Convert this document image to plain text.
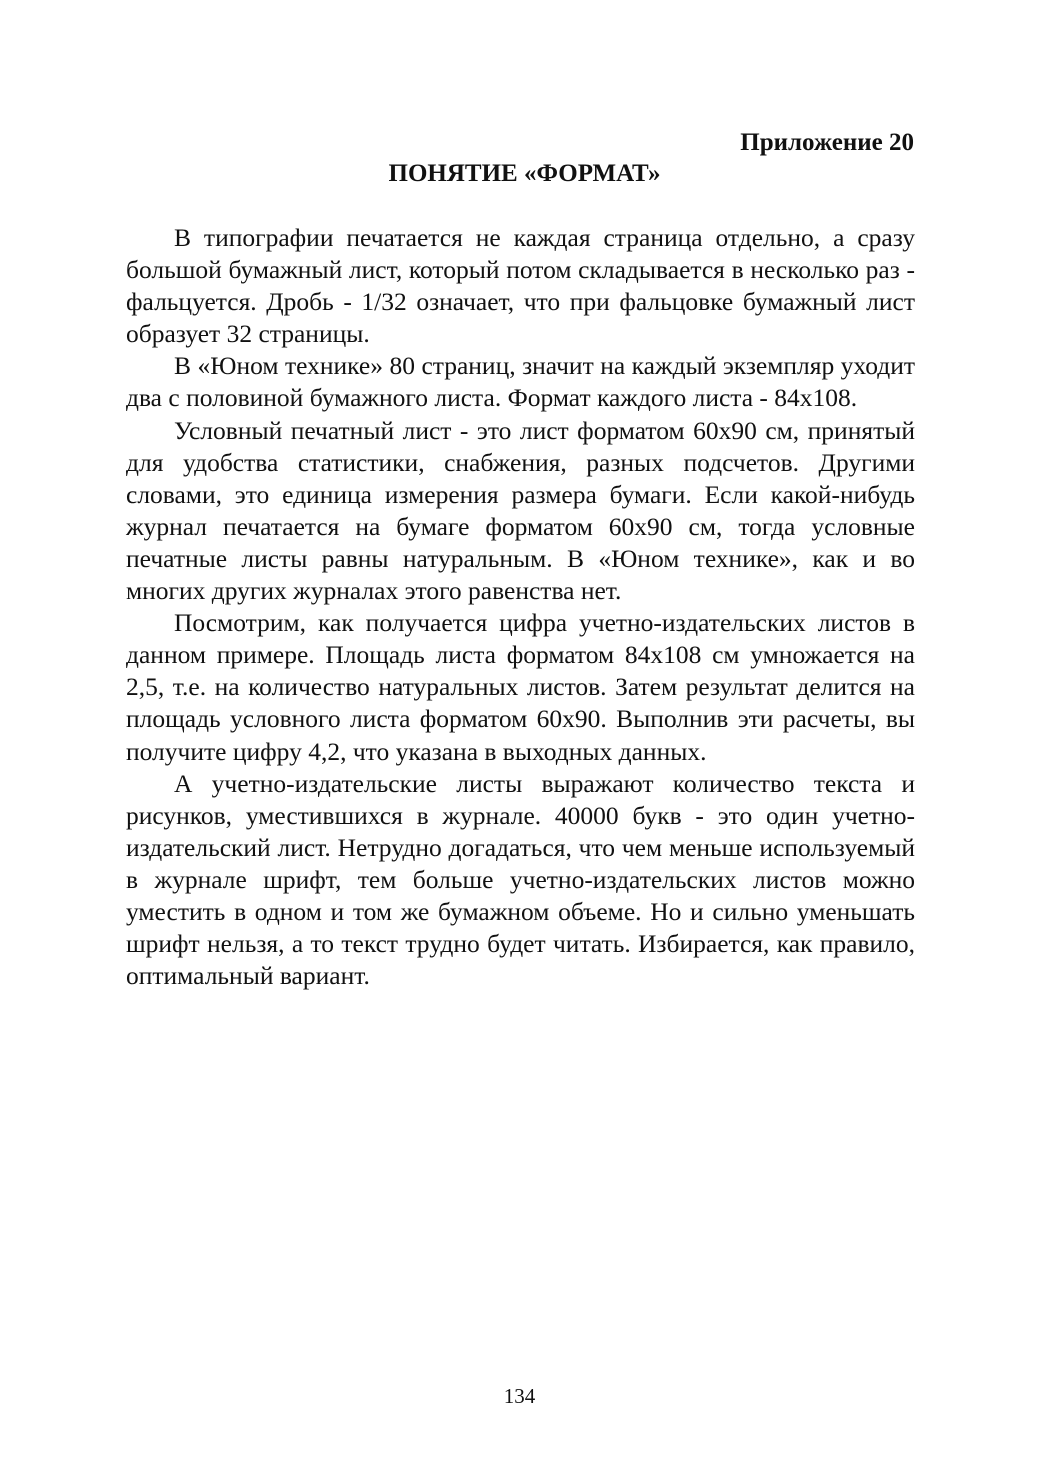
Приложение 20

ПОНЯТИЕ «ФОРМАТ»

В типографии печатается не каждая страница отдельно, а сразу большой бумажный лист, который потом складывается в несколько раз - фальцуется. Дробь - 1/32 означает, что при фальцовке бумажный лист образует 32 страницы.

В «Юном технике» 80 страниц, значит на каждый экземпляр уходит два с половиной бумажного листа. Формат каждого листа - 84x108.

Условный печатный лист - это лист форматом 60x90 см, принятый для удобства статистики, снабжения, разных подсчетов. Другими словами, это единица измерения размера бумаги. Если какой-нибудь журнал печатается на бумаге форматом 60x90 см, тогда условные печатные листы равны натуральным. В «Юном технике», как и во многих других журналах этого равенства нет.

Посмотрим, как получается цифра учетно-издательских листов в данном примере. Площадь листа форматом 84x108 см умножается на 2,5, т.е. на количество натуральных листов. Затем результат делится на площадь условного листа форматом 60x90. Выполнив эти расчеты, вы получите цифру 4,2, что указана в выходных данных.

А учетно-издательские листы выражают количество текста и рисунков, уместившихся в журнале. 40000 букв - это один учетно-издательский лист. Нетрудно догадаться, что чем меньше используемый в журнале шрифт, тем больше учетно-издательских листов можно уместить в одном и том же бумажном объеме. Но и сильно уменьшать шрифт нельзя, а то текст трудно будет читать. Избирается, как правило, оптимальный вариант.

134
